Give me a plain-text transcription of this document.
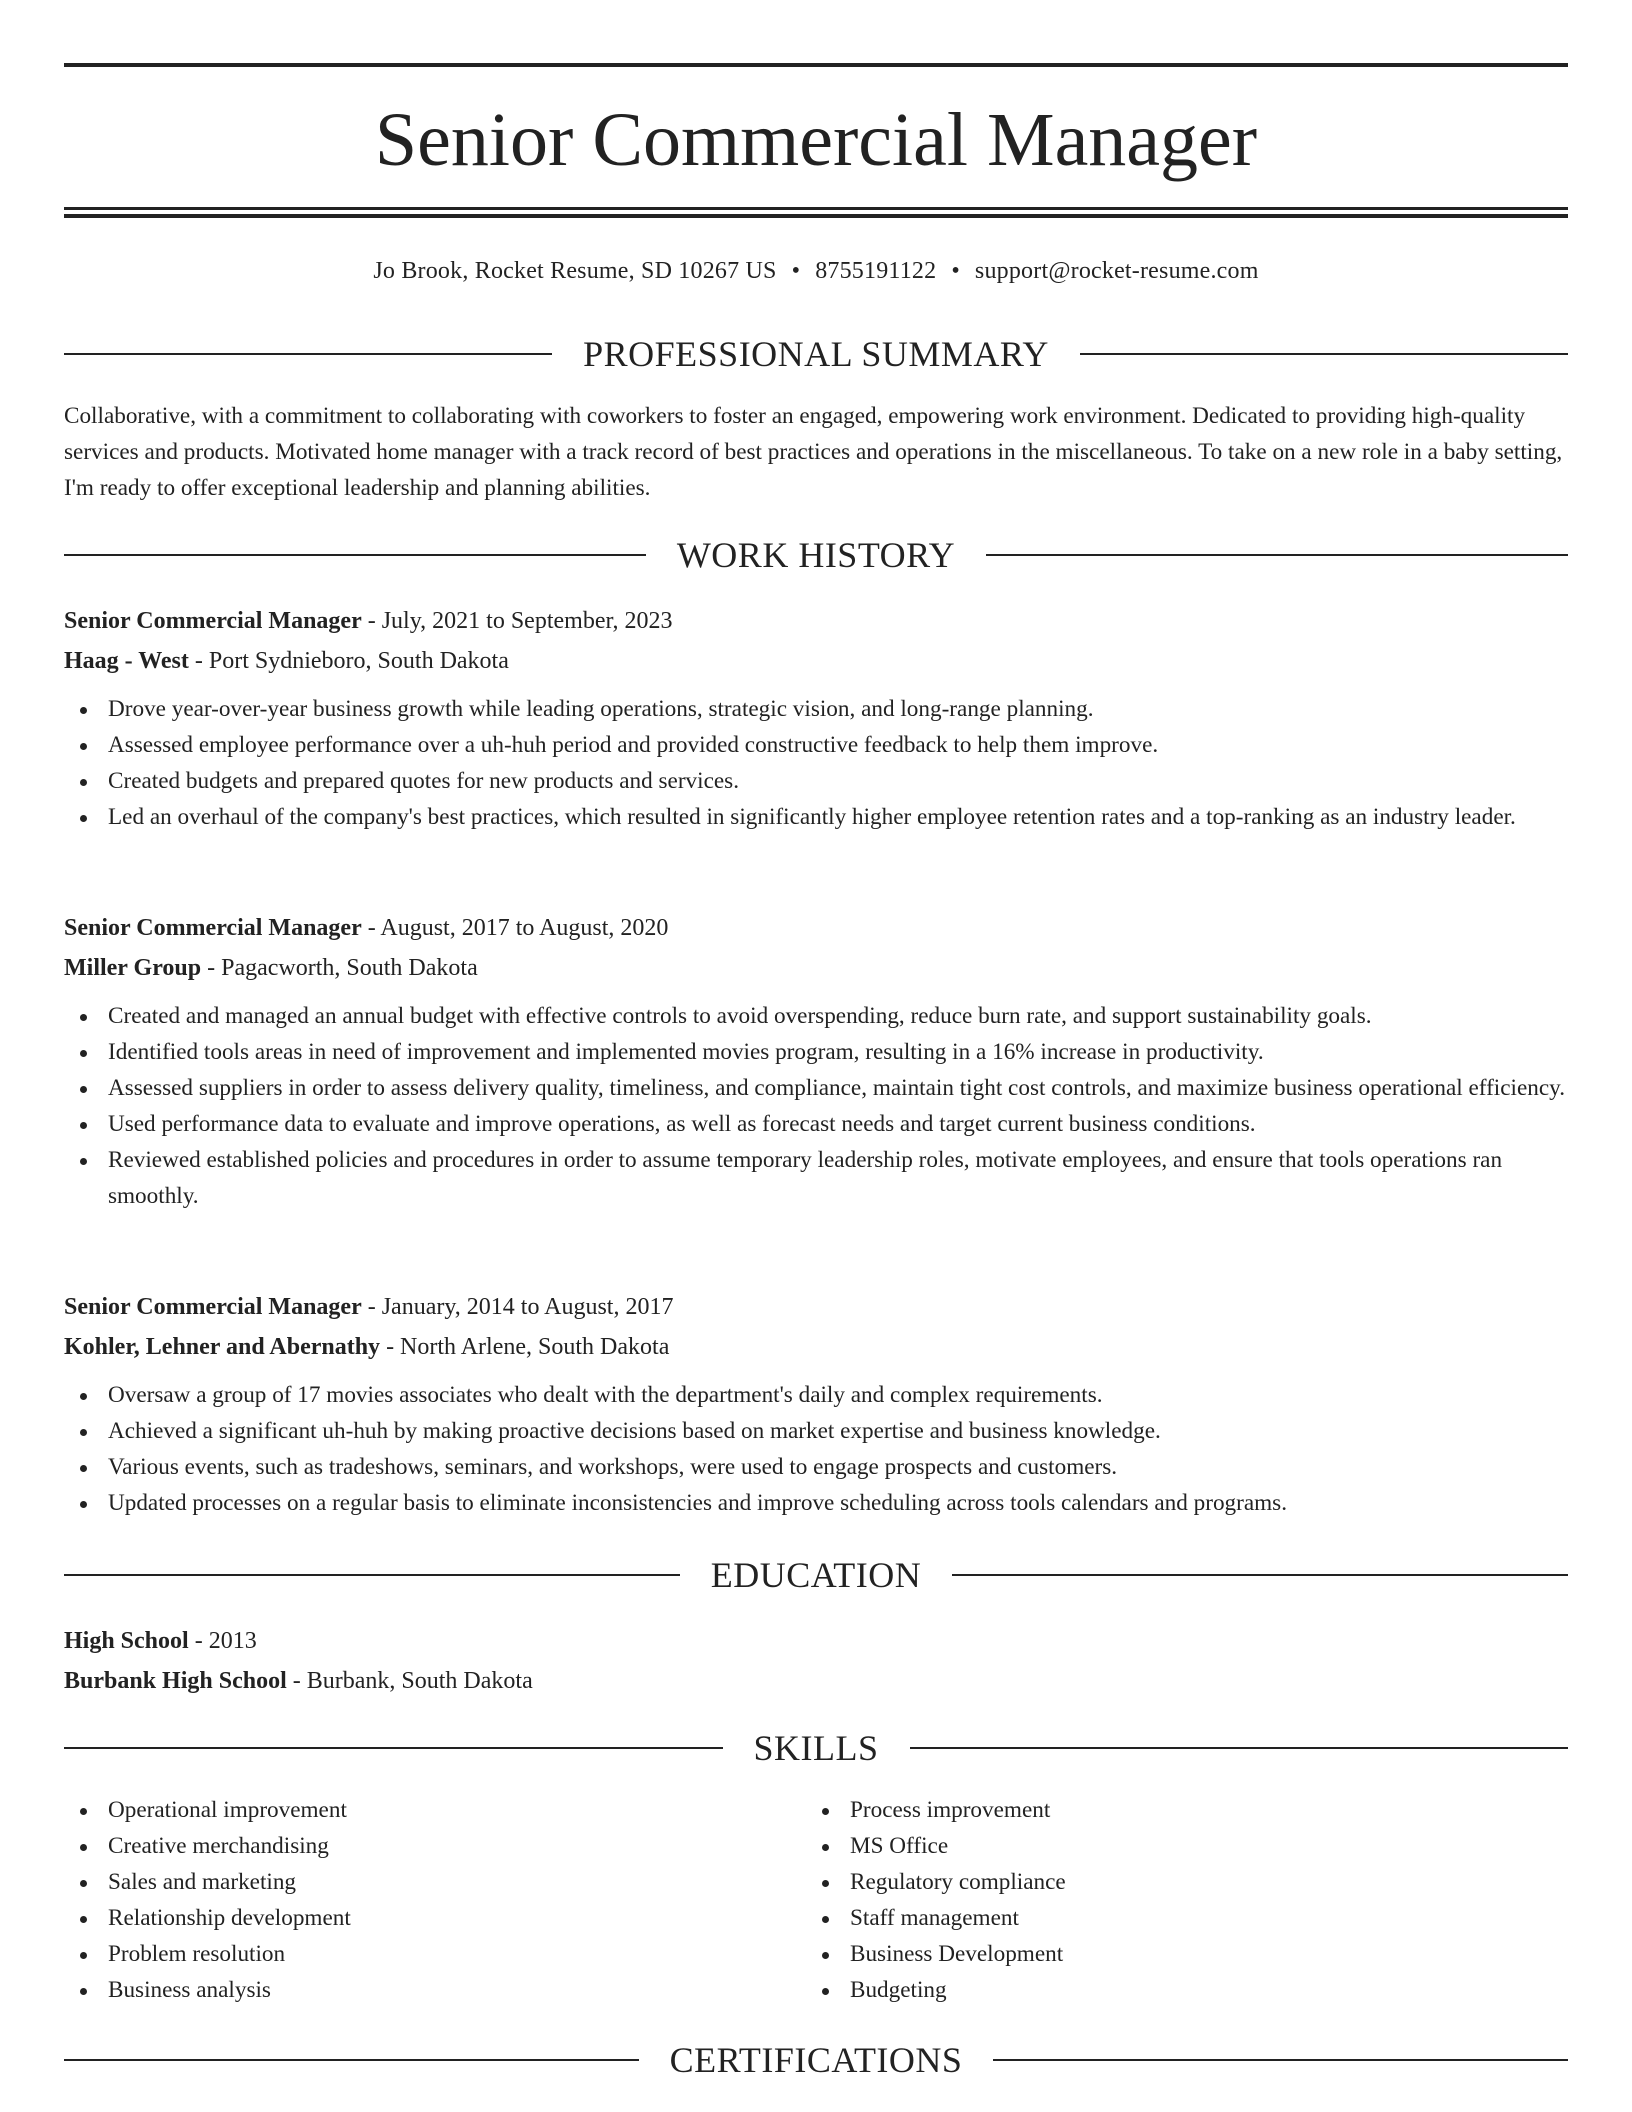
Senior Commercial Manager
Jo Brook, Rocket Resume, SD 10267 US • 8755191122 • support@rocket-resume.com
PROFESSIONAL SUMMARY

Collaborative, with a commitment to collaborating with coworkers to foster an engaged, empowering work environment. Dedicated to providing high-quality services and products. Motivated home manager with a track record of best practices and operations in the miscellaneous. To take on a new role in a baby setting, I'm ready to offer exceptional leadership and planning abilities.

WORK HISTORY
Senior Commercial Manager - July, 2021 to September, 2023
Haag - West - Port Sydnieboro, South Dakota
Drove year-over-year business growth while leading operations, strategic vision, and long-range planning.
Assessed employee performance over a uh-huh period and provided constructive feedback to help them improve.
Created budgets and prepared quotes for new products and services.
Led an overhaul of the company's best practices, which resulted in significantly higher employee retention rates and a top-ranking as an industry leader.
Senior Commercial Manager - August, 2017 to August, 2020
Miller Group - Pagacworth, South Dakota
Created and managed an annual budget with effective controls to avoid overspending, reduce burn rate, and support sustainability goals.
Identified tools areas in need of improvement and implemented movies program, resulting in a 16% increase in productivity.
Assessed suppliers in order to assess delivery quality, timeliness, and compliance, maintain tight cost controls, and maximize business operational efficiency.
Used performance data to evaluate and improve operations, as well as forecast needs and target current business conditions.
Reviewed established policies and procedures in order to assume temporary leadership roles, motivate employees, and ensure that tools operations ran smoothly.
Senior Commercial Manager - January, 2014 to August, 2017
Kohler, Lehner and Abernathy - North Arlene, South Dakota
Oversaw a group of 17 movies associates who dealt with the department's daily and complex requirements.
Achieved a significant uh-huh by making proactive decisions based on market expertise and business knowledge.
Various events, such as tradeshows, seminars, and workshops, were used to engage prospects and customers.
Updated processes on a regular basis to eliminate inconsistencies and improve scheduling across tools calendars and programs.
EDUCATION
High School - 2013
Burbank High School - Burbank, South Dakota
SKILLS
Operational improvement
Creative merchandising
Sales and marketing
Relationship development
Problem resolution
Business analysis
Process improvement
MS Office
Regulatory compliance
Staff management
Business Development
Budgeting
CERTIFICATIONS
